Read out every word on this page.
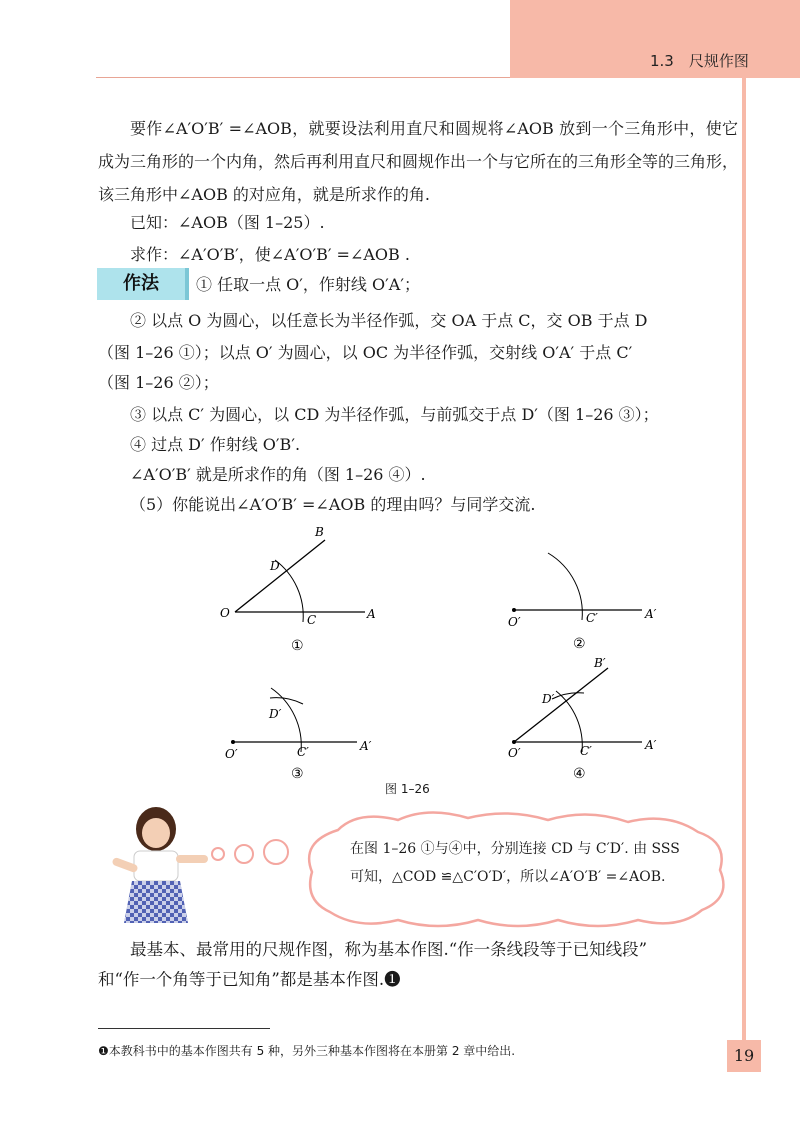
1.3　尺规作图

要作∠A′O′B′ =∠AOB，就要设法利用直尺和圆规将∠AOB 放到一个三角形中，使它成为三角形的一个内角，然后再利用直尺和圆规作出一个与它所在的三角形全等的三角形，该三角形中∠AOB 的对应角，就是所求作的角.

已知：∠AOB（图 1–25）.
求作：∠A′O′B′，使∠A′O′B′ =∠AOB .
作法	① 任取一点 O′，作射线 O′A′；
② 以点 O 为圆心，以任意长为半径作弧，交 OA 于点 C，交 OB 于点 D
（图 1–26 ①）；以点 O′ 为圆心，以 OC 为半径作弧，交射线 O′A′ 于点 C′
（图 1–26 ②）；
③ 以点 C′ 为圆心，以 CD 为半径作弧，与前弧交于点 D′（图 1–26 ③）；
④ 过点 D′ 作射线 O′B′.
∠A′O′B′ 就是所求作的角（图 1–26 ④）.
（5）你能说出∠A′O′B′ =∠AOB 的理由吗？与同学交流.
O	A
B
C
D
①
O′
A′
C′
②
O′
A′
C′
D′
③
O′
A′
B′
C′
D′
④
图 1–26
在图 1–26 ①与④中，分别连接 CD 与 C′D′. 由 SSS
可知，△COD ≌△C′O′D′，所以∠A′O′B′ =∠AOB.
最基本、最常用的尺规作图，称为基本作图.“作一条线段等于已知线段”
和“作一个角等于已知角”都是基本作图.❶
❶本教科书中的基本作图共有 5 种，另外三种基本作图将在本册第 2 章中给出.	19
